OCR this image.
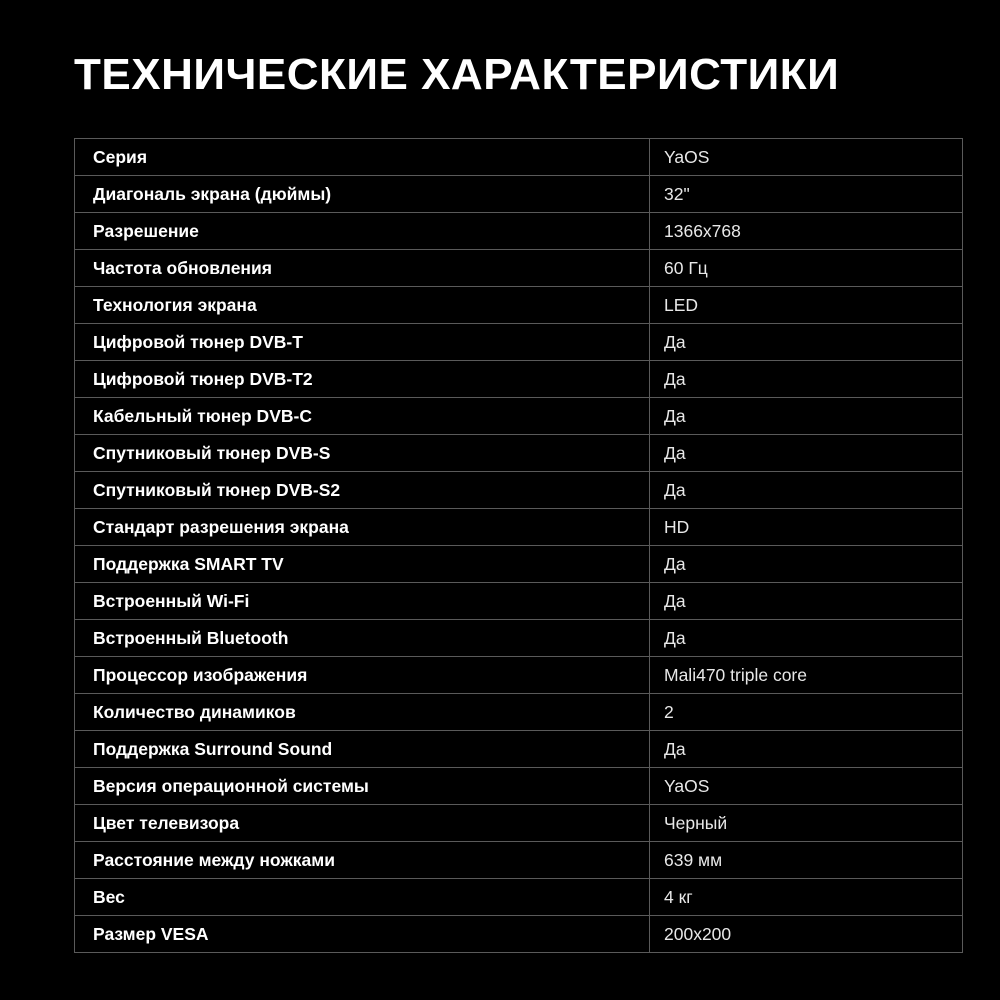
ТЕХНИЧЕСКИЕ ХАРАКТЕРИСТИКИ
Серия	YaOS
Диагональ экрана (дюймы)	32"
Разрешение	1366x768
Частота обновления	60 Гц
Технология экрана	LED
Цифровой тюнер DVB-T	Да
Цифровой тюнер DVB-T2	Да
Кабельный тюнер DVB-C	Да
Спутниковый тюнер DVB-S	Да
Спутниковый тюнер DVB-S2	Да
Стандарт разрешения экрана	HD
Поддержка SMART TV	Да
Встроенный Wi-Fi	Да
Встроенный Bluetooth	Да
Процессор изображения	Mali470 triple core
Количество динамиков	2
Поддержка Surround Sound	Да
Версия операционной системы	YaOS
Цвет телевизора	Черный
Расстояние между ножками	639 мм
Вес	4 кг
Размер VESA	200x200
